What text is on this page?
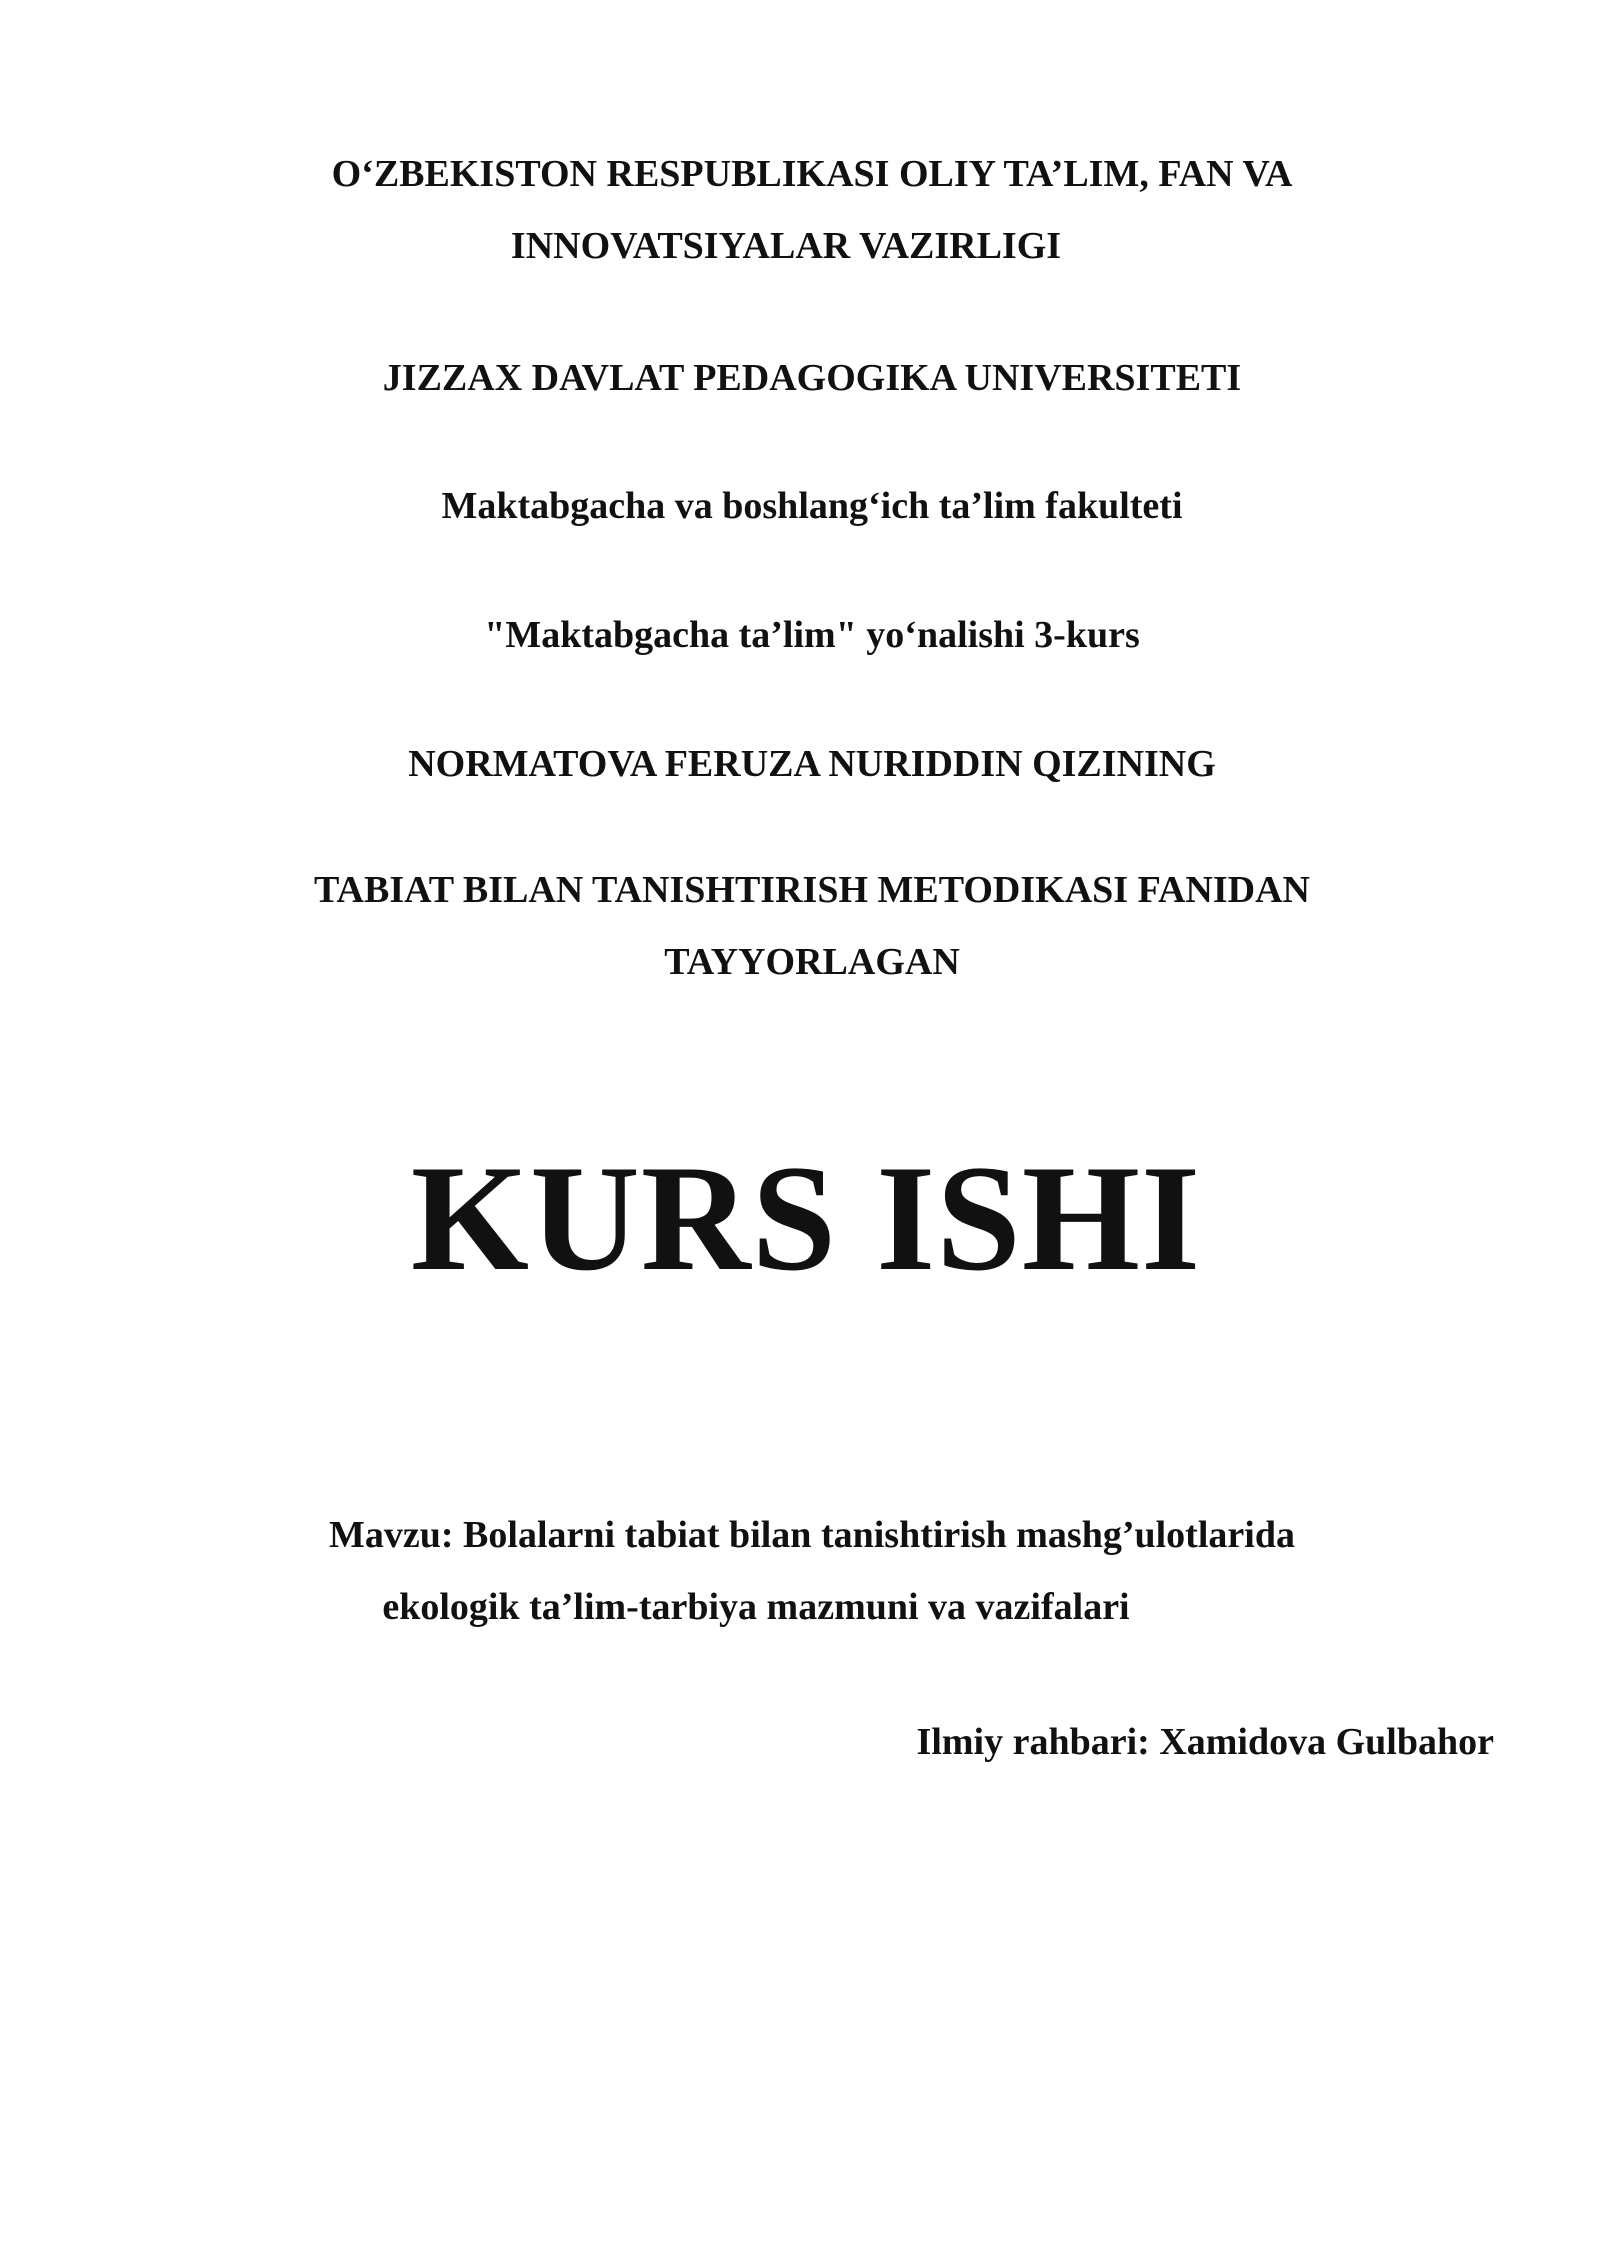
O‘ZBEKISTON RESPUBLIKASI OLIY TA’LIM, FAN VA

INNOVATSIYALAR VAZIRLIGI

JIZZAX DAVLAT PEDAGOGIKA UNIVERSITETI

Maktabgacha va boshlang‘ich ta’lim fakulteti

"Maktabgacha ta’lim" yo‘nalishi 3-kurs

NORMATOVA FERUZA NURIDDIN QIZINING

TABIAT BILAN TANISHTIRISH METODIKASI FANIDAN

TAYYORLAGAN

KURS ISHI

Mavzu: Bolalarni tabiat bilan tanishtirish mashg’ulotlarida

ekologik ta’lim-tarbiya mazmuni va vazifalari

Ilmiy rahbari: Xamidova Gulbahor
